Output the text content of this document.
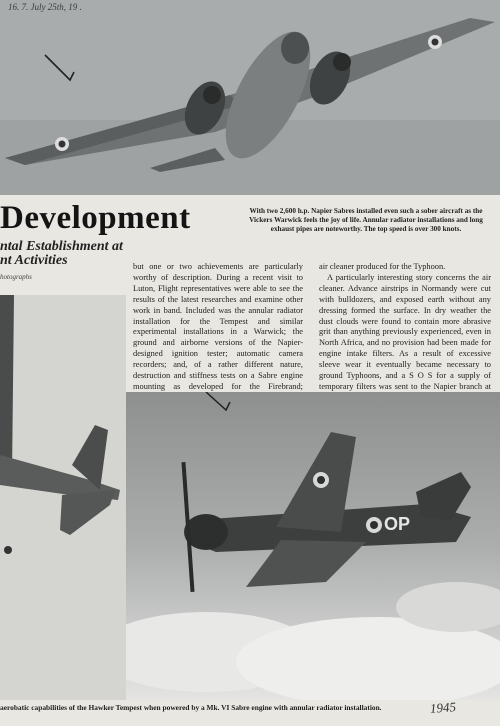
16. 7. July 25th, 19 .
Development
ntal Establishment at
nt Activities
hotographs
With two 2,600 h.p. Napier Sabres installed even such a sober aircraft as the Vickers Warwick feels the joy of life. Annular radiator installations and long exhaust pipes are noteworthy. The top speed is over 300 knots.

but one or two achievements are particularly worthy of description. During a recent visit to Luton, Flight representatives were able to see the results of the latest researches and examine other work in band. Included was the annular radiator installation for the Tempest and similar experimental installations in a Warwick; the ground and airborne versions of the Napier-designed ignition tester; automatic camera recorders; and, of a rather different nature, destruction and stiffness tests on a Sabre engine mounting as developed for the Firebrand;

air cleaner produced for the Typhoon.

A particularly interesting story concerns the air cleaner. Advance airstrips in Normandy were cut with bulldozers, and exposed earth without any dressing formed the surface. In dry weather the dust clouds were found to contain more abrasive grit than anything previously experienced, even in North Africa, and no provision had been made for engine intake filters. As a result of excessive sleeve wear it eventually became necessary to ground Typhoons, and a S O S for a supply of temporary filters was sent to the Napier branch at

OP
aerobatic capabilities of the Hawker Tempest when powered by a Mk. VI Sabre engine with annular radiator installation.	1945
